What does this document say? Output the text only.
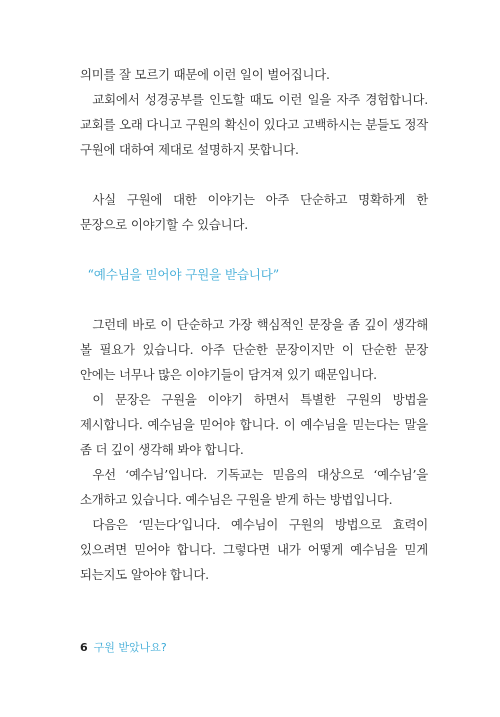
의미를 잘 모르기 때문에 이런 일이 벌어집니다.

교회에서 성경공부를 인도할 때도 이런 일을 자주 경험합니다. 교회를 오래 다니고 구원의 확신이 있다고 고백하시는 분들도 정작 구원에 대하여 제대로 설명하지 못합니다.

사실 구원에 대한 이야기는 아주 단순하고 명확하게 한 문장으로 이야기할 수 있습니다.

“예수님을 믿어야 구원을 받습니다”

그런데 바로 이 단순하고 가장 핵심적인 문장을 좀 깊이 생각해 볼 필요가 있습니다. 아주 단순한 문장이지만 이 단순한 문장 안에는 너무나 많은 이야기들이 담겨져 있기 때문입니다.

이 문장은 구원을 이야기 하면서 특별한 구원의 방법을 제시합니다. 예수님을 믿어야 합니다. 이 예수님을 믿는다는 말을 좀 더 깊이 생각해 봐야 합니다.

우선 ‘예수님’입니다. 기독교는 믿음의 대상으로 ‘예수님’을 소개하고 있습니다. 예수님은 구원을 받게 하는 방법입니다.

다음은 ‘믿는다’입니다. 예수님이 구원의 방법으로 효력이 있으려면 믿어야 합니다. 그렇다면 내가 어떻게 예수님을 믿게 되는지도 알아야 합니다.

6 구원 받았나요?
